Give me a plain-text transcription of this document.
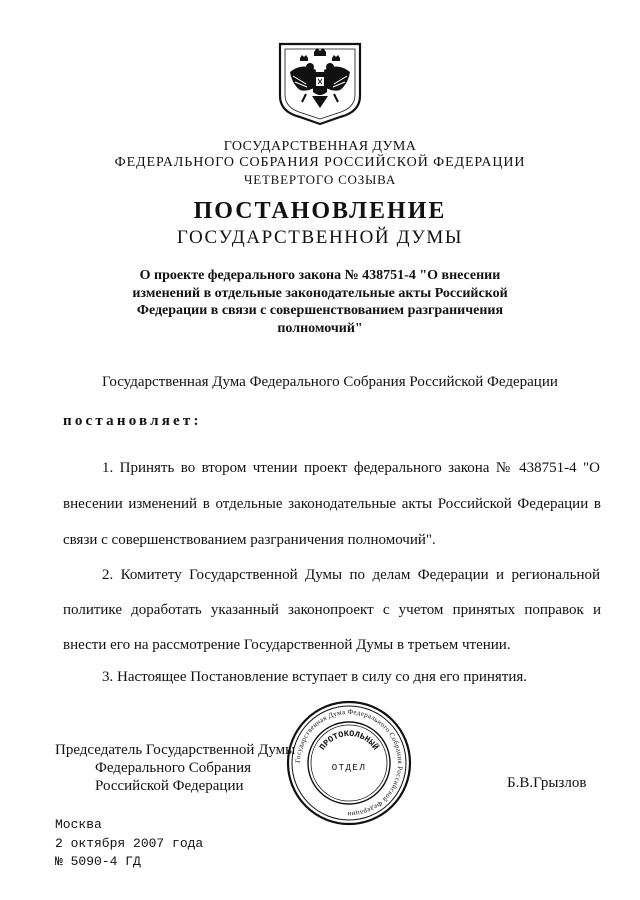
ГОСУДАРСТВЕННАЯ ДУМА
ФЕДЕРАЛЬНОГО СОБРАНИЯ РОССИЙСКОЙ ФЕДЕРАЦИИ
ЧЕТВЕРТОГО СОЗЫВА
ПОСТАНОВЛЕНИЕ
ГОСУДАРСТВЕННОЙ ДУМЫ
О проекте федерального закона № 438751-4 "О внесении
изменений в отдельные законодательные акты Российской
Федерации в связи с совершенствованием разграничения
полномочий"
Государственная Дума Федерального Собрания Российской Федерации
постановляет:
1. Принять во втором чтении проект федерального закона № 438751-4 "О
внесении изменений в отдельные законодательные акты Российской Федерации в
связи с совершенствованием разграничения полномочий".
2. Комитету Государственной Думы по делам Федерации и региональной
политике доработать указанный законопроект с учетом принятых поправок и
внести его на рассмотрение Государственной Думы в третьем чтении.
3. Настоящее Постановление вступает в силу со дня его принятия.
Председатель Государственной Думы
Федерального Собрания
Российской Федерации	Б.В.Грызлов
Государственная Дума Федерального Собрания Российской Федерации
ПРОТОКОЛЬНЫЙ
ОТДЕЛ
Москва
2 октября 2007 года
№ 5090-4 ГД
